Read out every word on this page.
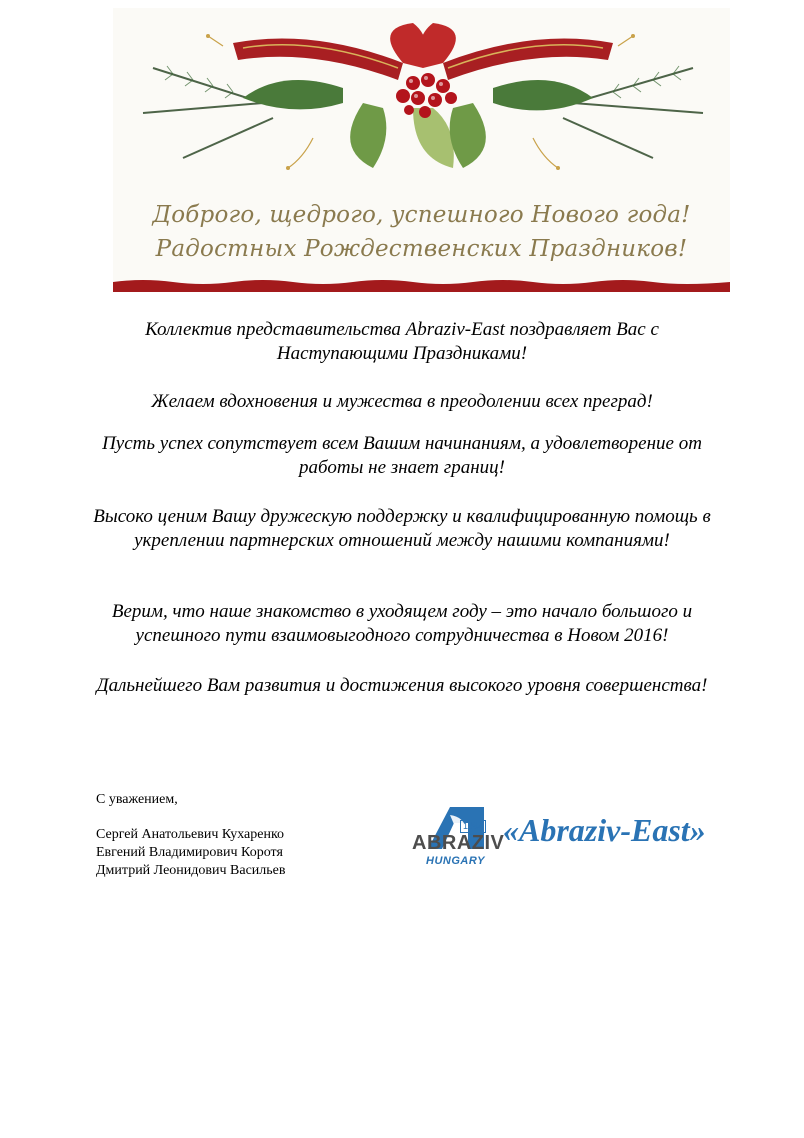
Доброго, щедрого, успешного Нового года!
Радостных Рождественских Праздников!

Коллектив представительства Abraziv-East поздравляет Вас с Наступающими Праздниками!

Желаем вдохновения и мужества в преодолении всех преград!

Пусть успех сопутствует всем Вашим начинаниям, а удовлетворение от работы не знает границ!

Высоко ценим Вашу дружескую поддержку и квалифицированную помощь в укреплении партнерских отношений между нашими компаниями!

Верим, что наше знакомство в уходящем году – это начало большого и успешного пути взаимовыгодного сотрудничества в Новом 2016!

Дальнейшего Вам развития и достижения высокого уровня совершенства!

С уважением,
Сергей Анатольевич Кухаренко
Евгений Владимирович Коротя
Дмитрий Леонидович Васильев
1984
ABRAZIV
HUNGARY
«Abraziv-East»
